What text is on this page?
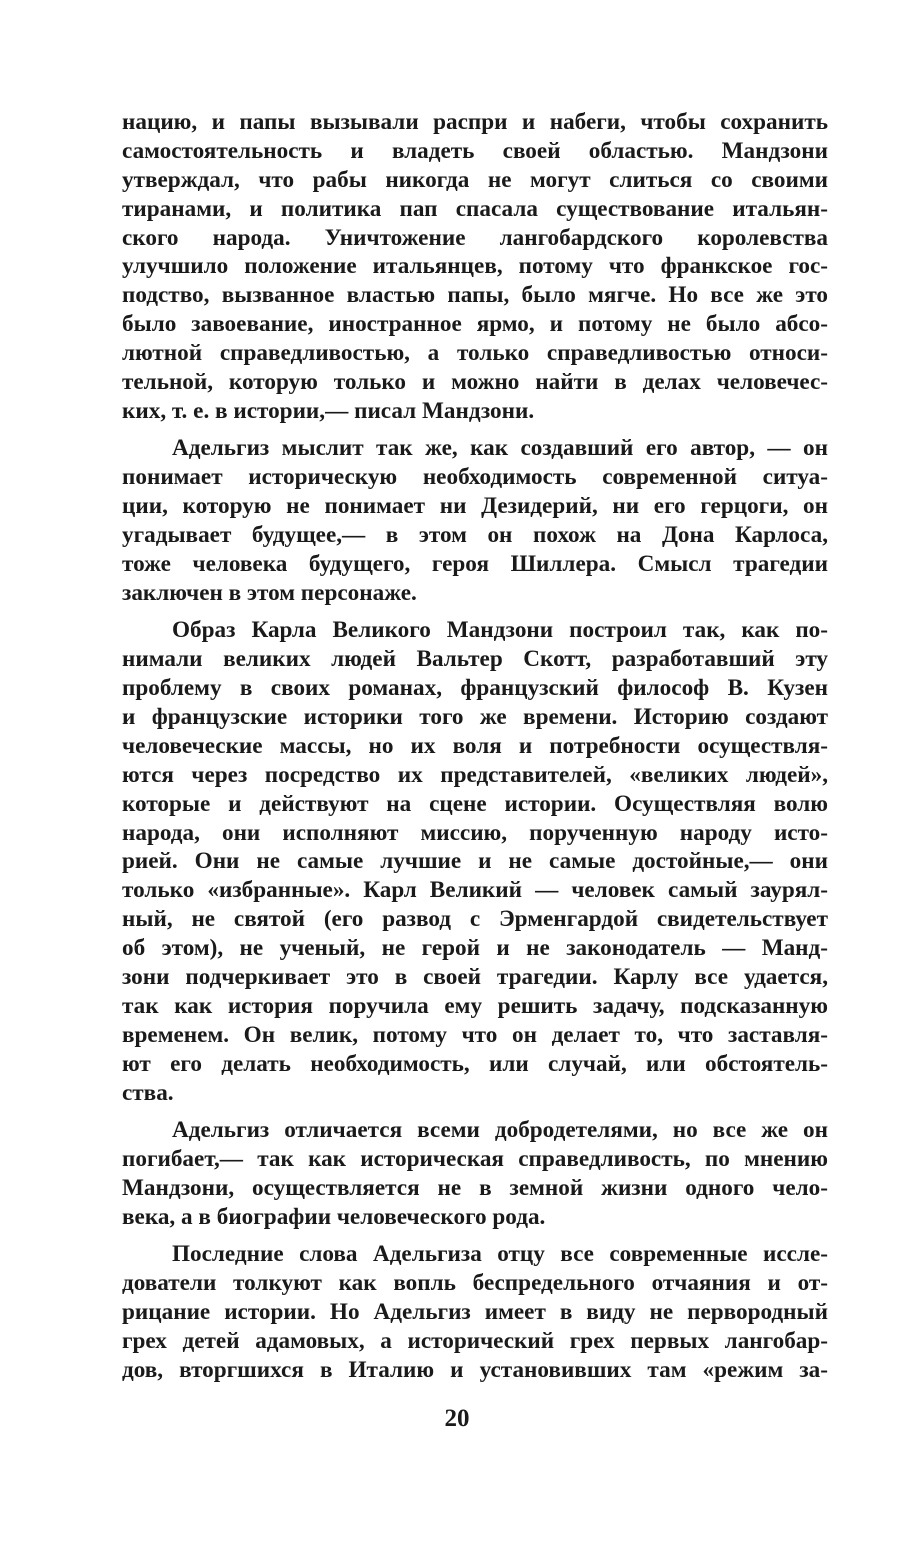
нацию, и папы вызывали распри и набеги, чтобы сохранить
самостоятельность и владеть своей областью. Мандзони
утверждал, что рабы никогда не могут слиться со своими
тиранами, и политика пап спасала существование итальян-
ского народа. Уничтожение лангобардского королевства
улучшило положение итальянцев, потому что франкское гос-
подство, вызванное властью папы, было мягче. Но все же это
было завоевание, иностранное ярмо, и потому не было абсо-
лютной справедливостью, а только справедливостью относи-
тельной, которую только и можно найти в делах человечес-
ких, т. е. в истории,— писал Мандзони.
Адельгиз мыслит так же, как создавший его автор, — он
понимает историческую необходимость современной ситуа-
ции, которую не понимает ни Дезидерий, ни его герцоги, он
угадывает будущее,— в этом он похож на Дона Карлоса,
тоже человека будущего, героя Шиллера. Смысл трагедии
заключен в этом персонаже.
Образ Карла Великого Мандзони построил так, как по-
нимали великих людей Вальтер Скотт, разработавший эту
проблему в своих романах, французский философ В. Кузен
и французские историки того же времени. Историю создают
человеческие массы, но их воля и потребности осуществля-
ются через посредство их представителей, «великих людей»,
которые и действуют на сцене истории. Осуществляя волю
народа, они исполняют миссию, порученную народу исто-
рией. Они не самые лучшие и не самые достойные,— они
только «избранные». Карл Великий — человек самый заурял-
ный, не святой (его развод с Эрменгардой свидетельствует
об этом), не ученый, не герой и не законодатель — Манд-
зони подчеркивает это в своей трагедии. Карлу все удается,
так как история поручила ему решить задачу, подсказанную
временем. Он велик, потому что он делает то, что заставля-
ют его делать необходимость, или случай, или обстоятель-
ства.
Адельгиз отличается всеми добродетелями, но все же он
погибает,— так как историческая справедливость, по мнению
Мандзони, осуществляется не в земной жизни одного чело-
века, а в биографии человеческого рода.
Последние слова Адельгиза отцу все современные иссле-
дователи толкуют как вопль беспредельного отчаяния и от-
рицание истории. Но Адельгиз имеет в виду не первородный
грех детей адамовых, а исторический грех первых лангобар-
дов, вторгшихся в Италию и установивших там «режим за-
20
